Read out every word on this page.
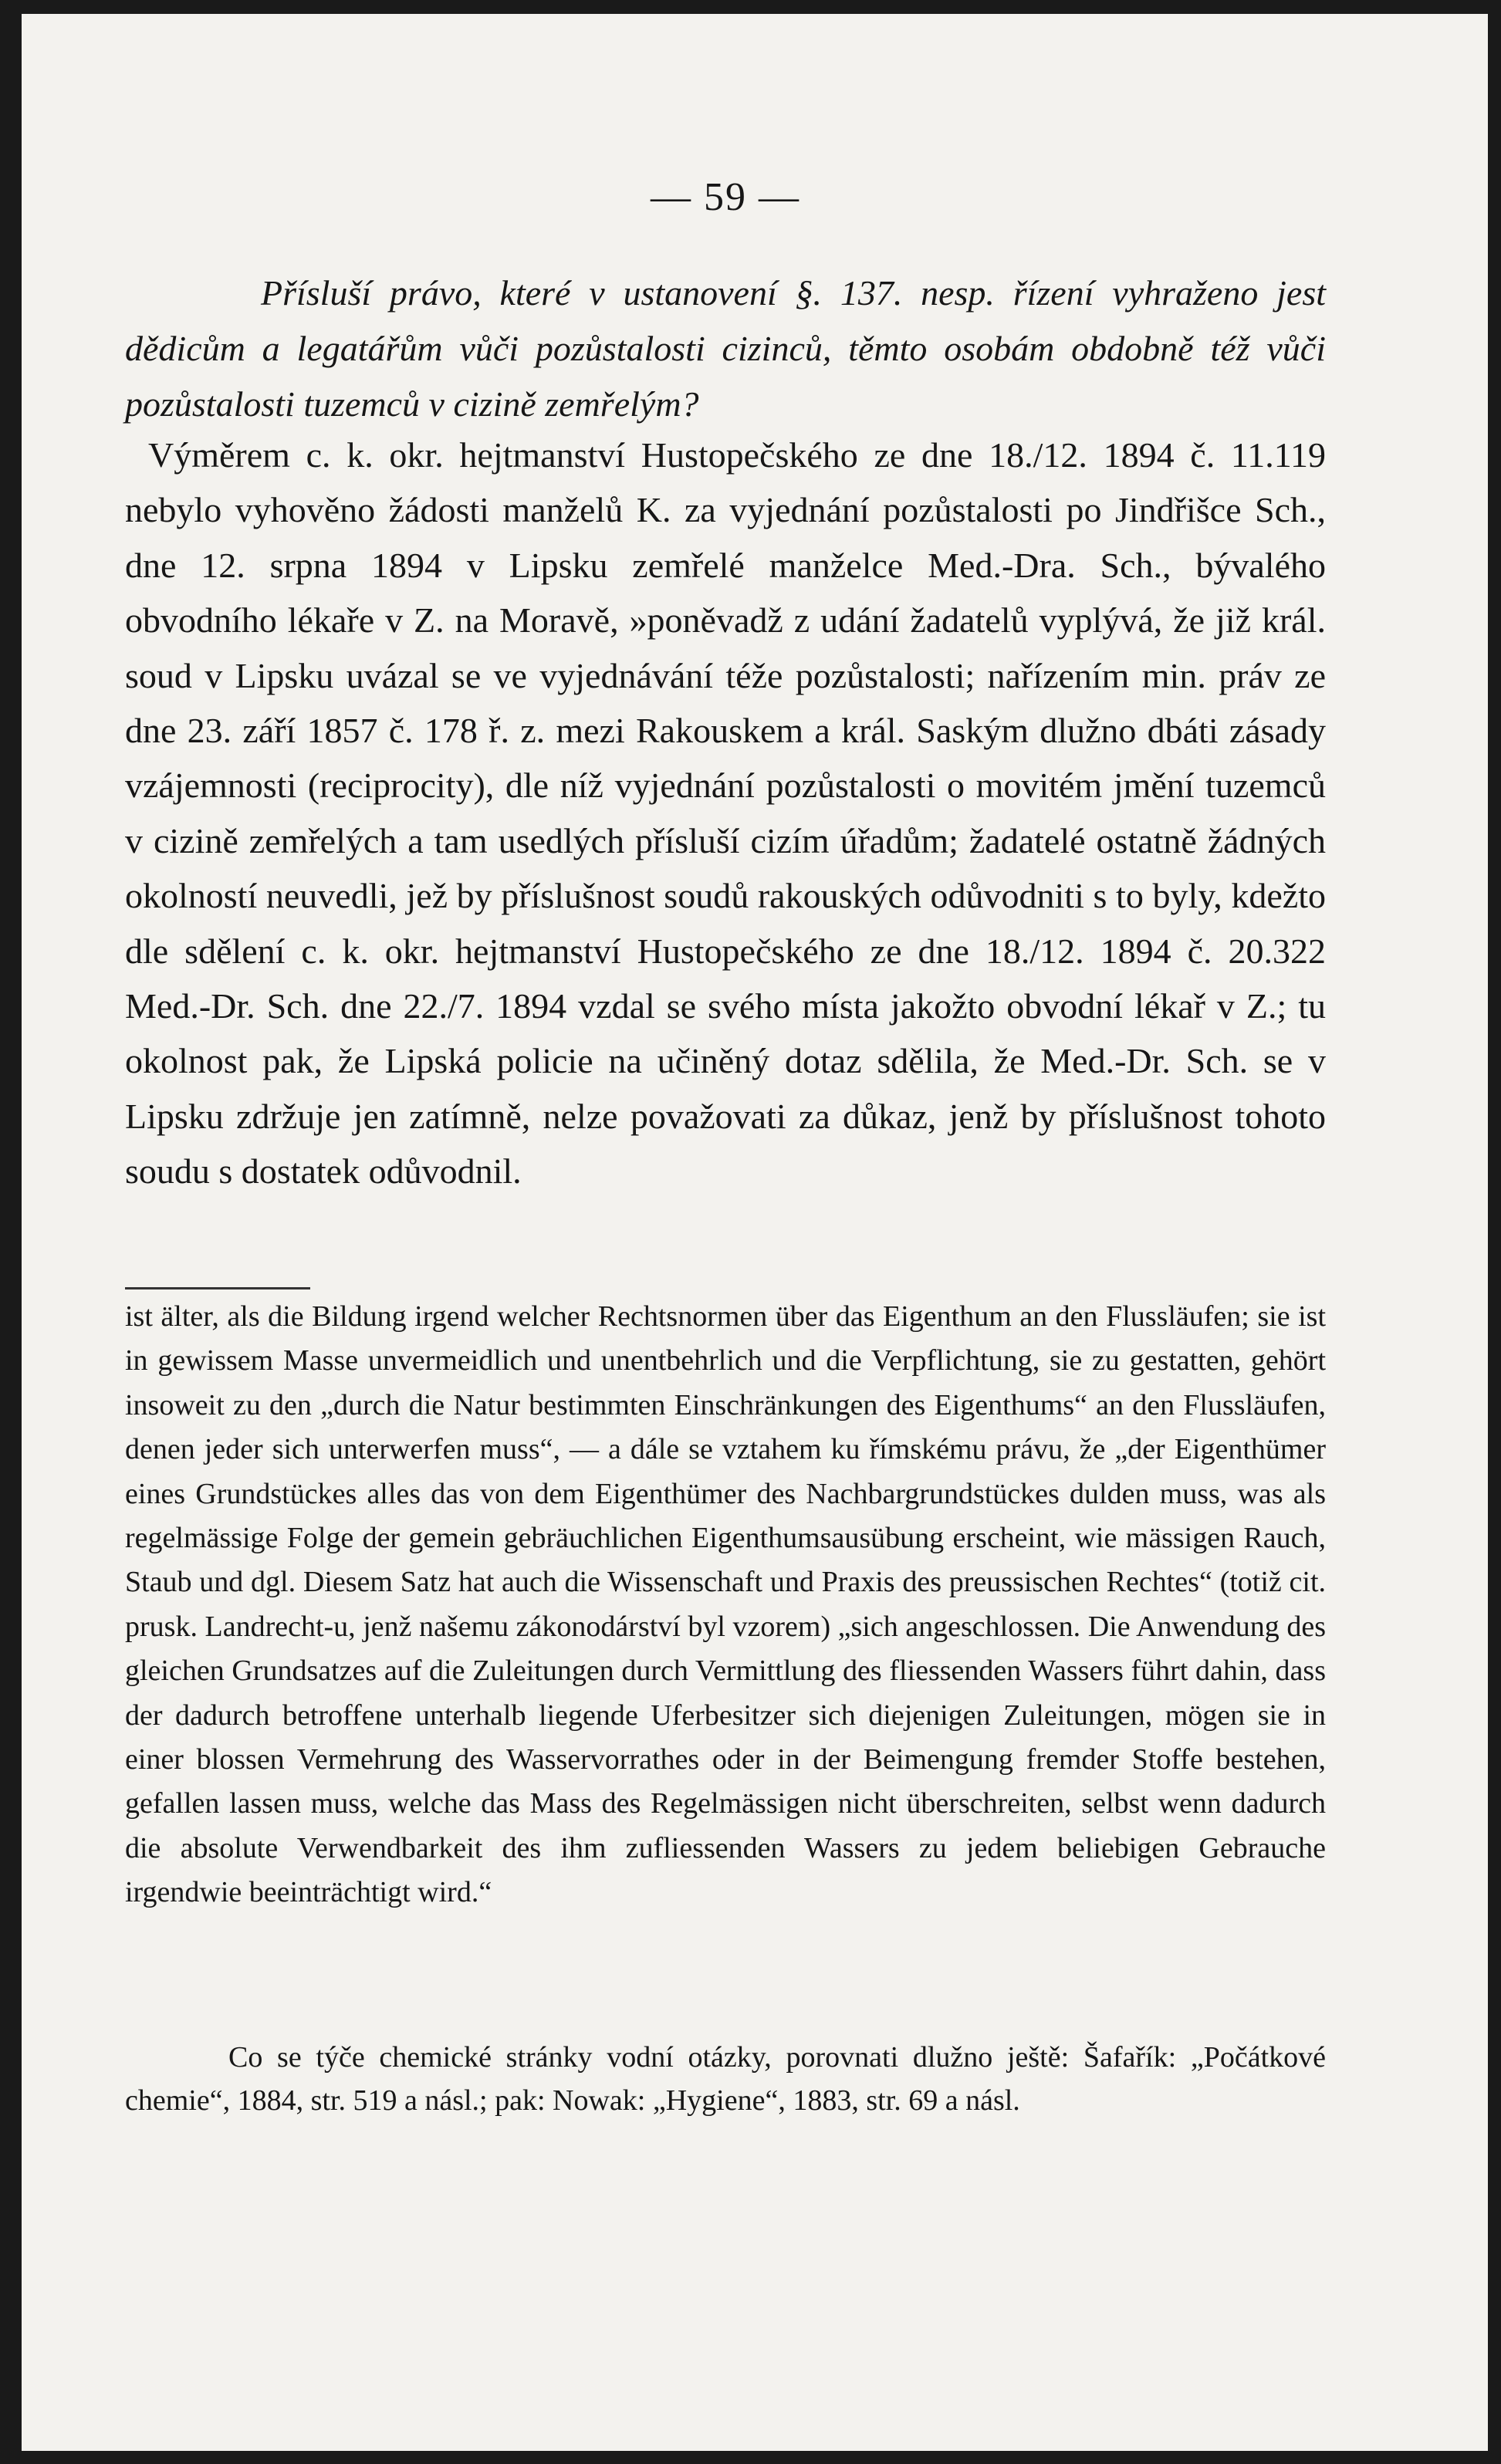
— 59 —

Přísluší právo, které v ustanovení §. 137. nesp. řízení vyhraženo jest dědicům a legatářům vůči pozůstalosti cizinců, těmto osobám obdobně též vůči pozůstalosti tuzemců v cizině zemřelým?

Výměrem c. k. okr. hejtmanství Hustopečského ze dne 18./12. 1894 č. 11.119 nebylo vyhověno žádosti manželů K. za vyjednání pozůstalosti po Jindřišce Sch., dne 12. srpna 1894 v Lipsku zemřelé manželce Med.-Dra. Sch., bývalého obvodního lékaře v Z. na Moravě, »poněvadž z udání žadatelů vyplývá, že již král. soud v Lipsku uvázal se ve vyjednávání téže pozůstalosti; nařízením min. práv ze dne 23. září 1857 č. 178 ř. z. mezi Rakouskem a král. Saským dlužno dbáti zásady vzájemnosti (reciprocity), dle níž vyjednání pozůstalosti o movitém jmění tuzemců v cizině zemřelých a tam usedlých přísluší cizím úřadům; žadatelé ostatně žádných okolností neuvedli, jež by příslušnost soudů rakouských odůvodniti s to byly, kdežto dle sdělení c. k. okr. hejtmanství Hustopečského ze dne 18./12. 1894 č. 20.322 Med.-Dr. Sch. dne 22./7. 1894 vzdal se svého místa jakožto obvodní lékař v Z.; tu okolnost pak, že Lipská policie na učiněný dotaz sdělila, že Med.-Dr. Sch. se v Lipsku zdržuje jen zatímně, nelze považovati za důkaz, jenž by příslušnost tohoto soudu s dostatek odůvodnil.

ist älter, als die Bildung irgend welcher Rechtsnormen über das Eigenthum an den Flussläufen; sie ist in gewissem Masse unvermeidlich und unentbehrlich und die Verpflichtung, sie zu gestatten, gehört insoweit zu den „durch die Natur bestimmten Einschränkungen des Eigenthums“ an den Flussläufen, denen jeder sich unterwerfen muss“, — a dále se vztahem ku římskému právu, že „der Eigenthümer eines Grundstückes alles das von dem Eigenthümer des Nachbargrundstückes dulden muss, was als regelmässige Folge der gemein gebräuchlichen Eigenthumsausübung erscheint, wie mässigen Rauch, Staub und dgl. Diesem Satz hat auch die Wissenschaft und Praxis des preussischen Rechtes“ (totiž cit. prusk. Landrecht-u, jenž našemu zákonodárství byl vzorem) „sich angeschlossen. Die Anwendung des gleichen Grundsatzes auf die Zuleitungen durch Vermittlung des fliessenden Wassers führt dahin, dass der dadurch betroffene unterhalb liegende Uferbesitzer sich diejenigen Zuleitungen, mögen sie in einer blossen Vermehrung des Wasservorrathes oder in der Beimengung fremder Stoffe bestehen, gefallen lassen muss, welche das Mass des Regelmässigen nicht überschreiten, selbst wenn dadurch die absolute Verwendbarkeit des ihm zufliessenden Wassers zu jedem beliebigen Gebrauche irgendwie beeinträchtigt wird.“

Co se týče chemické stránky vodní otázky, porovnati dlužno ještě: Šafařík: „Počátkové chemie“, 1884, str. 519 a násl.; pak: Nowak: „Hygiene“, 1883, str. 69 a násl.
